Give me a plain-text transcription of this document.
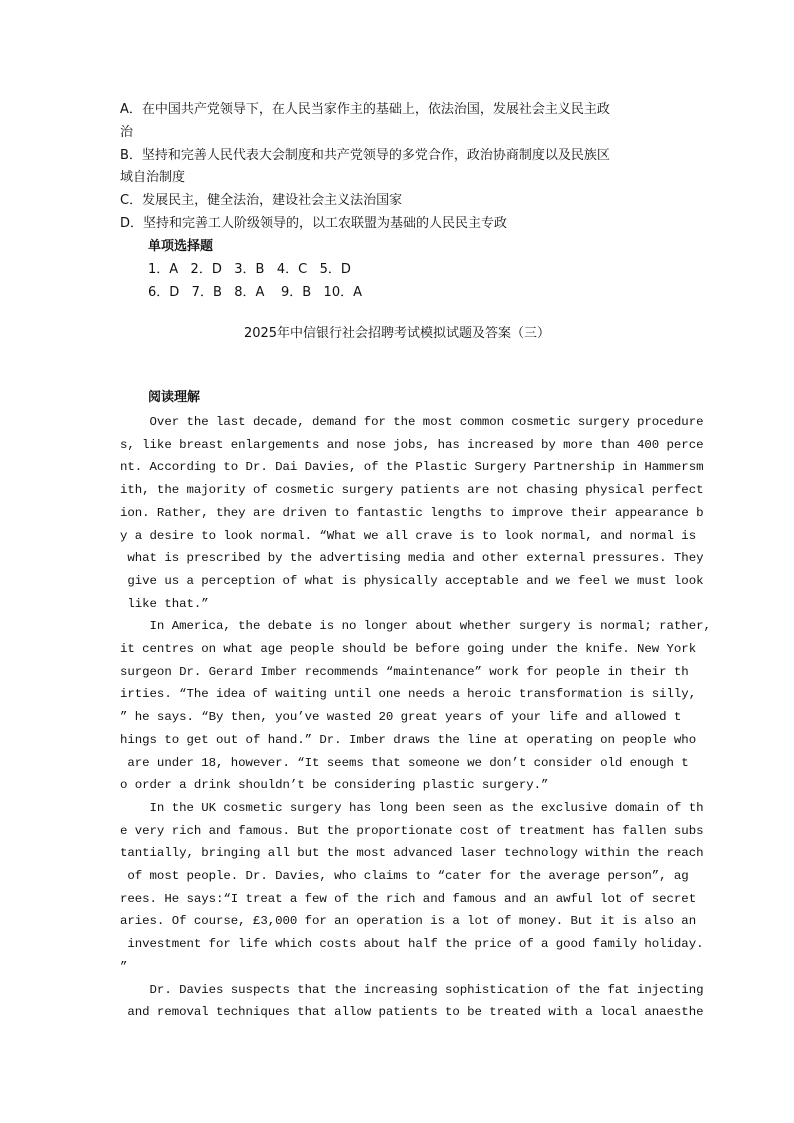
A．在中国共产党领导下，在人民当家作主的基础上，依法治国，发展社会主义民主政
治
B．坚持和完善人民代表大会制度和共产党领导的多党合作，政治协商制度以及民族区
域自治制度
C．发展民主，健全法治，建设社会主义法治国家
D．坚持和完善工人阶级领导的，以工农联盟为基础的人民民主专政
单项选择题
1．A   2．D   3．B   4．C   5．D
6．D   7．B   8．A    9．B   10．A
2025年中信银行社会招聘考试模拟试题及答案（三）
阅读理解
Over the last decade, demand for the most common cosmetic surgery procedure
s, like breast enlargements and nose jobs, has increased by more than 400 perce
nt. According to Dr. Dai Davies, of the Plastic Surgery Partnership in Hammersm
ith, the majority of cosmetic surgery patients are not chasing physical perfect
ion. Rather, they are driven to fantastic lengths to improve their appearance b
y a desire to look normal. “What we all crave is to look normal, and normal is
what is prescribed by the advertising media and other external pressures. They
give us a perception of what is physically acceptable and we feel we must look
like that.”
In America, the debate is no longer about whether surgery is normal; rather,
it centres on what age people should be before going under the knife. New York
surgeon Dr. Gerard Imber recommends “maintenance” work for people in their th
irties. “The idea of waiting until one needs a heroic transformation is silly,
” he says. “By then, you’ve wasted 20 great years of your life and allowed t
hings to get out of hand.” Dr. Imber draws the line at operating on people who
are under 18, however. “It seems that someone we don’t consider old enough t
o order a drink shouldn’t be considering plastic surgery.”
In the UK cosmetic surgery has long been seen as the exclusive domain of th
e very rich and famous. But the proportionate cost of treatment has fallen subs
tantially, bringing all but the most advanced laser technology within the reach
of most people. Dr. Davies, who claims to “cater for the average person”, ag
rees. He says:“I treat a few of the rich and famous and an awful lot of secret
aries. Of course, £3,000 for an operation is a lot of money. But it is also an
investment for life which costs about half the price of a good family holiday.
”
Dr. Davies suspects that the increasing sophistication of the fat injecting
and removal techniques that allow patients to be treated with a local anaesthe
